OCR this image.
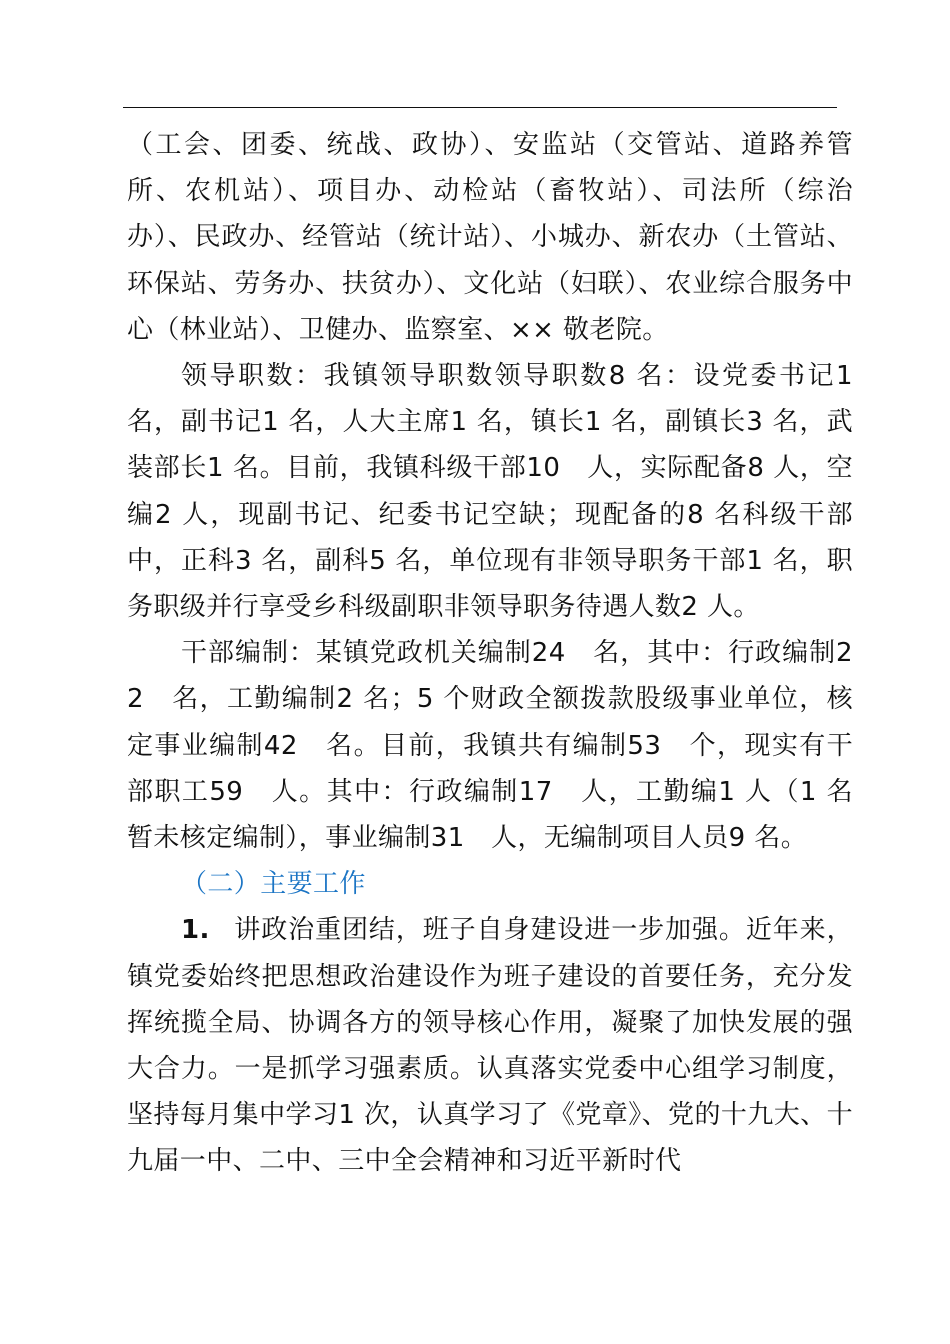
（工会、团委、统战、政协）、安监站（交管站、道路养管所、农机站）、项目办、动检站（畜牧站）、司法所（综治办）、民政办、经管站（统计站）、小城办、新农办（土管站、环保站、劳务办、扶贫办）、文化站（妇联）、农业综合服务中心（林业站）、卫健办、监察室、×× 敬老院。

领导职数：我镇领导职数领导职数8 名：设党委书记1 名，副书记1 名，人大主席1 名，镇长1 名，副镇长3 名，武装部长1 名。目前，我镇科级干部10　人，实际配备8 人，空编2 人，现副书记、纪委书记空缺；现配备的8 名科级干部中，正科3 名，副科5 名，单位现有非领导职务干部1 名，职务职级并行享受乡科级副职非领导职务待遇人数2 人。

干部编制：某镇党政机关编制24　名，其中：行政编制22　名，工勤编制2 名；5 个财政全额拨款股级事业单位，核定事业编制42　名。目前，我镇共有编制53　个，现实有干部职工59　人。其中：行政编制17　人，工勤编1 人（1 名暂未核定编制），事业编制31　人，无编制项目人员9 名。

（二）主要工作

1. 讲政治重团结，班子自身建设进一步加强。近年来，镇党委始终把思想政治建设作为班子建设的首要任务，充分发挥统揽全局、协调各方的领导核心作用，凝聚了加快发展的强大合力。一是抓学习强素质。认真落实党委中心组学习制度，坚持每月集中学习1 次，认真学习了《党章》、党的十九大、十九届一中、二中、三中全会精神和习近平新时代
